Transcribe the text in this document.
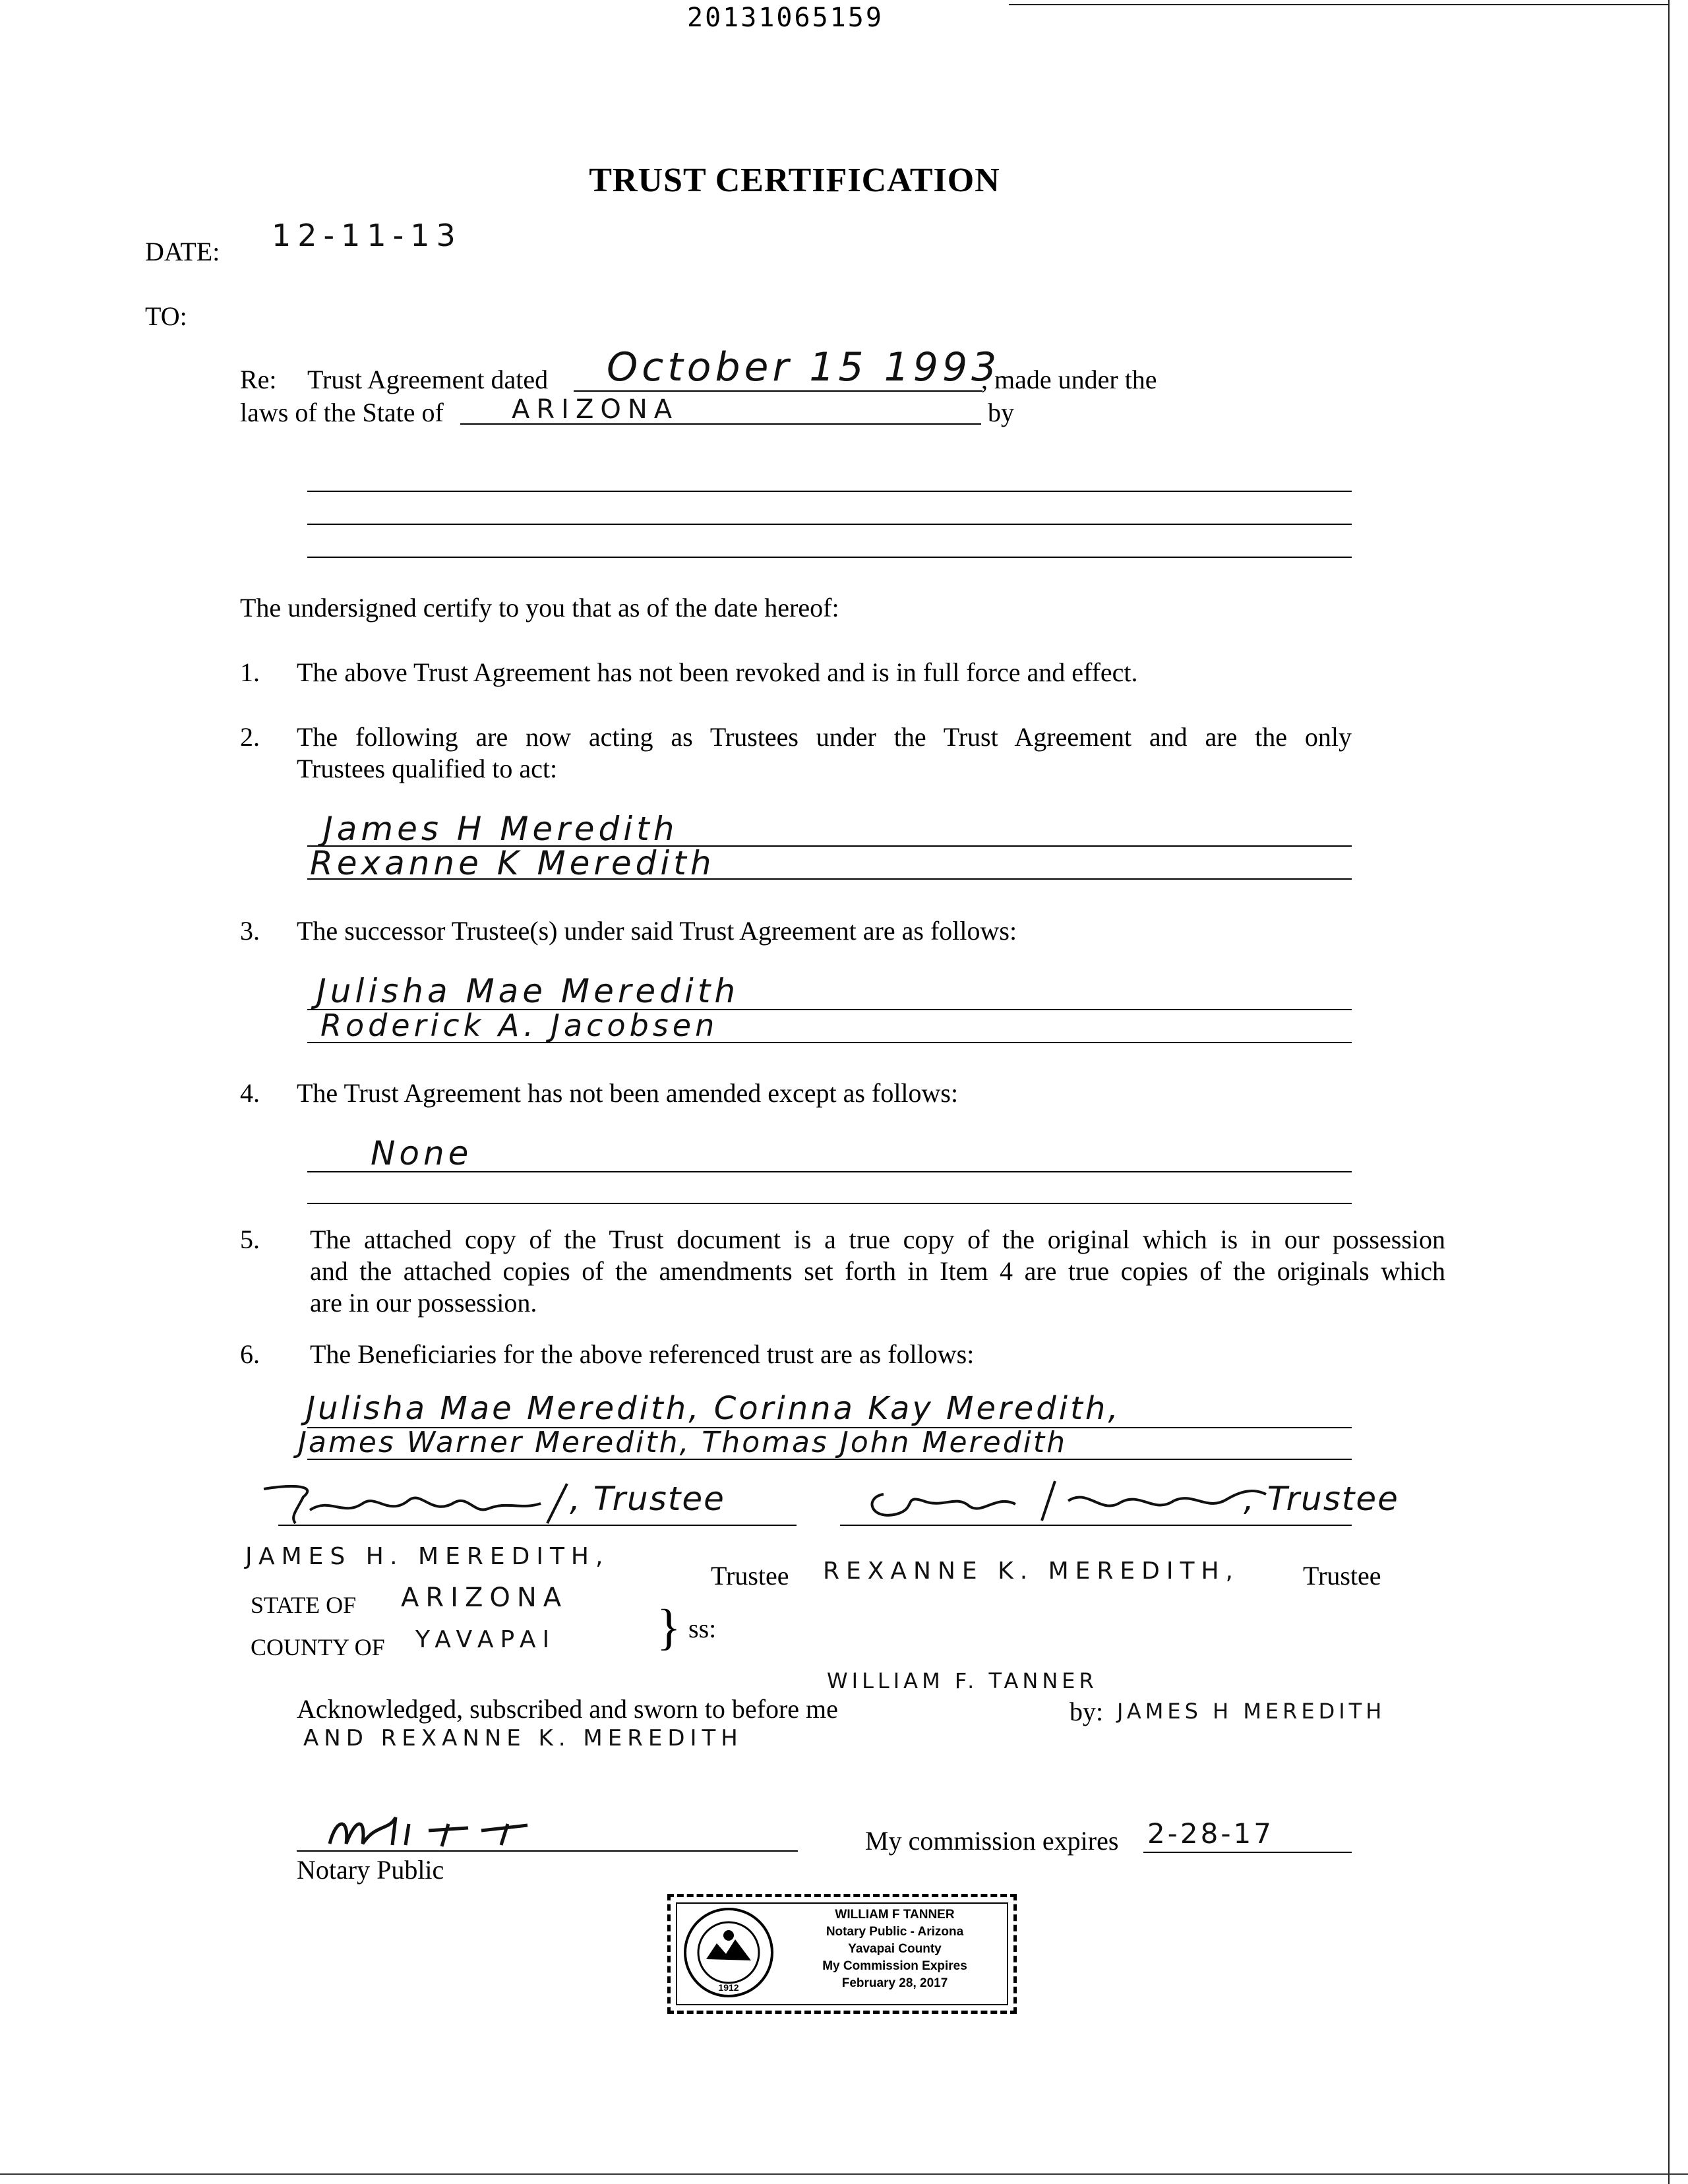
20131065159
TRUST CERTIFICATION
DATE: 12-11-13
TO:
Re: Trust Agreement dated October 15 1993
, made under the
laws of the State of	ARIZONA	by
The undersigned certify to you that as of the date hereof:
1. The above Trust Agreement has not been revoked and is in full force and effect.
2. The following are now acting as Trustees under the Trust Agreement and are the only
Trustees qualified to act:
James H Meredith
Rexanne K Meredith
3. The successor Trustee(s) under said Trust Agreement are as follows:
Julisha Mae Meredith
Roderick A. Jacobsen
4. The Trust Agreement has not been amended except as follows:
None
5. The attached copy of the Trust document is a true copy of the original which is in our possession
and the attached copies of the amendments set forth in Item 4 are true copies of the originals which
are in our possession.
6. The Beneficiaries for the above referenced trust are as follows:
Julisha Mae Meredith, Corinna Kay Meredith,
James Warner Meredith, Thomas John Meredith
, Trustee	, Trustee
JAMES H. MEREDITH,
Trustee REXANNE K. MEREDITH, Trustee
STATE OF ARIZONA
COUNTY OF YAVAPAI } ss:
WILLIAM F. TANNER
Acknowledged, subscribed and sworn to before me	by: JAMES H MEREDITH
AND REXANNE K. MEREDITH
Notary Public
My commission expires 2-28-17
1912
WILLIAM F TANNER
Notary Public - Arizona
Yavapai County
My Commission Expires
February 28, 2017
